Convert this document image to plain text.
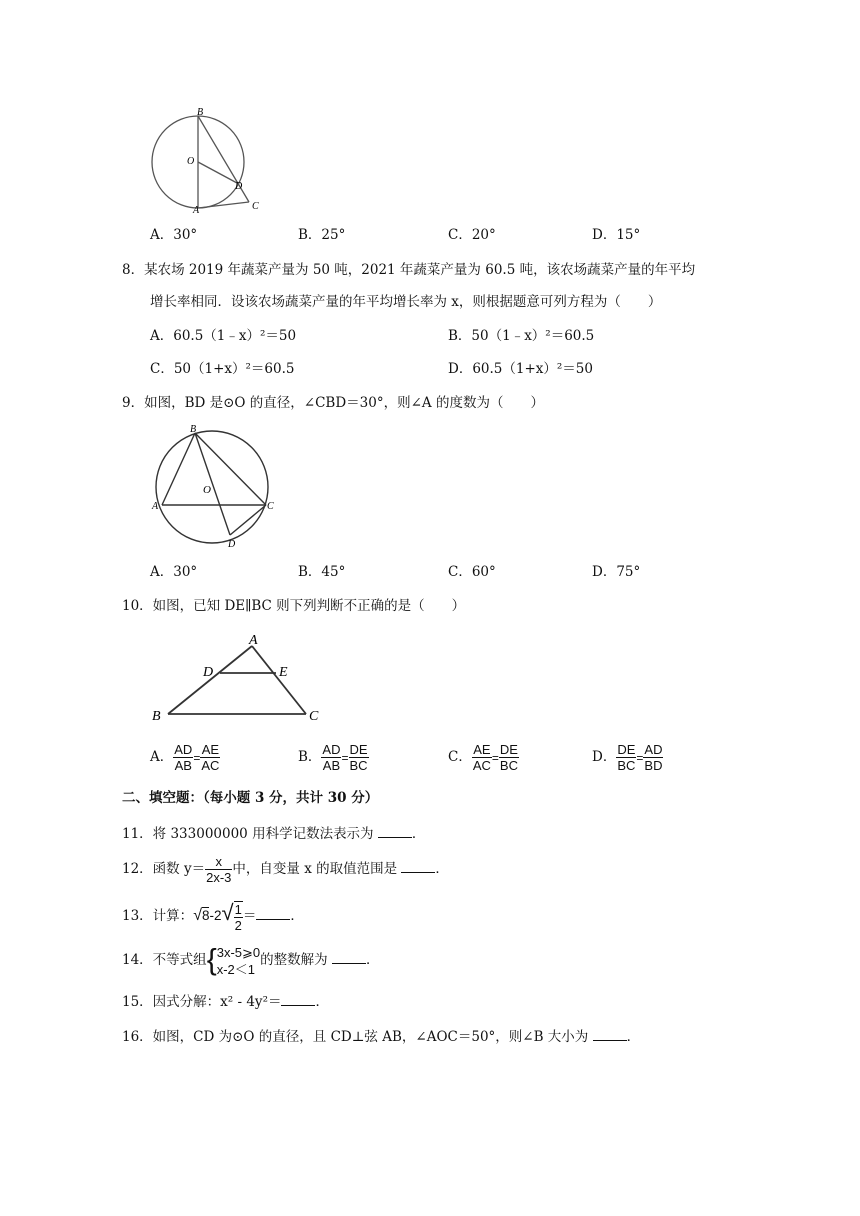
B
O
D
A	C
A．30°	B．25°	C．20°	D．15°
8．某农场 2019 年蔬菜产量为 50 吨，2021 年蔬菜产量为 60.5 吨，该农场蔬菜产量的年平均
增长率相同．设该农场蔬菜产量的年平均增长率为 x，则根据题意可列方程为（　　）
A．60.5（1﹣x）²＝50	B．50（1﹣x）²＝60.5
C．50（1+x）²＝60.5	D．60.5（1+x）²＝50
9．如图，BD 是⊙O 的直径，∠CBD＝30°，则∠A 的度数为（　　）
B
O
A	C
D
A．30°	B．45°	C．60°	D．75°
10．如图，已知 DE∥BC 则下列判断不正确的是（　　）
A
D	E
B	C
A． $\frac{AD}{AB} = \frac{AE}{AC}$	B． $\frac{AD}{AB} = \frac{DE}{BC}$	C． $\frac{AE}{AC} = \frac{DE}{BC}$	D． $\frac{DE}{BC} = \frac{AD}{BD}$
二、填空题：（每小题 3 分，共计 30 分）
11．将 333000000 用科学记数法表示为	．
12．函数 $y= \frac{x}{2x-3}$ 中，自变量 x 的取值范围是	．
13．计算：$√8-2√ \frac{1}{2}$ ＝	．
14．不等式组{ 3x-5⩾0
x-2＜1
的整数解为	．
15．因式分解：x² - 4y²＝	．
16．如图，CD 为⊙O 的直径，且 CD⊥弦 AB，∠AOC＝50°，则∠B 大小为	．
